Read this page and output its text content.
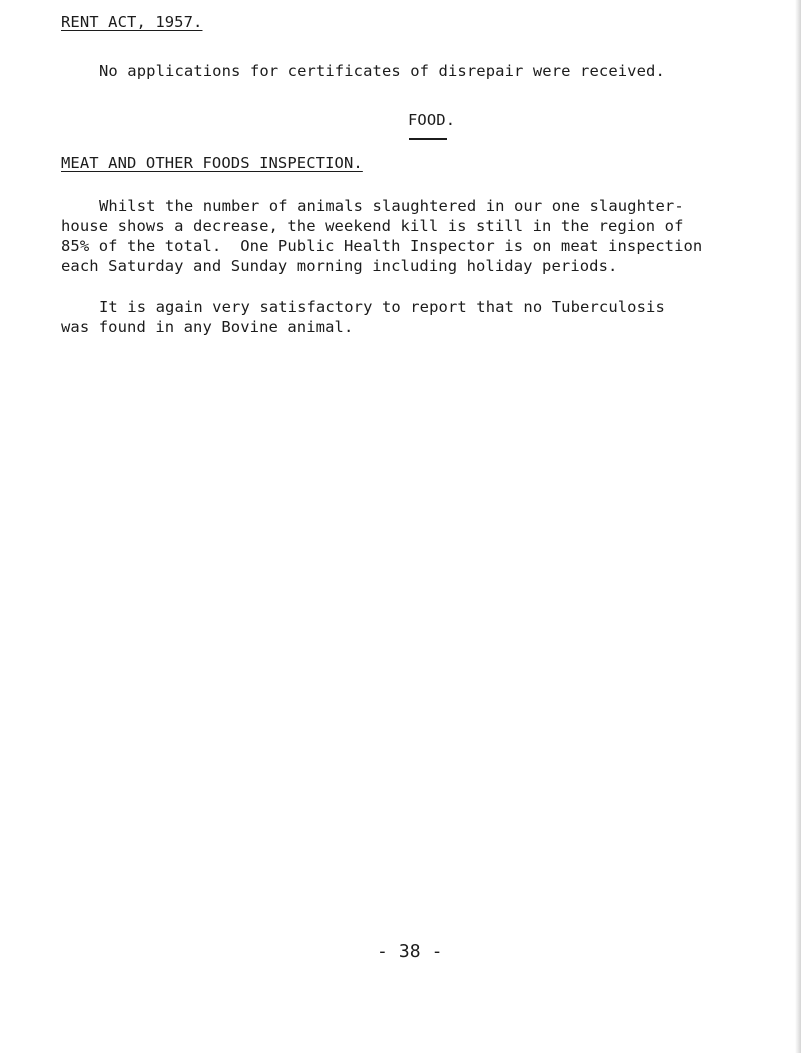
RENT ACT, 1957.
No applications for certificates of disrepair were received.
FOOD.
MEAT AND OTHER FOODS INSPECTION.
Whilst the number of animals slaughtered in our one slaughter-
house shows a decrease, the weekend kill is still in the region of
85% of the total.  One Public Health Inspector is on meat inspection
each Saturday and Sunday morning including holiday periods.
It is again very satisfactory to report that no Tuberculosis
was found in any Bovine animal.
- 38 -
